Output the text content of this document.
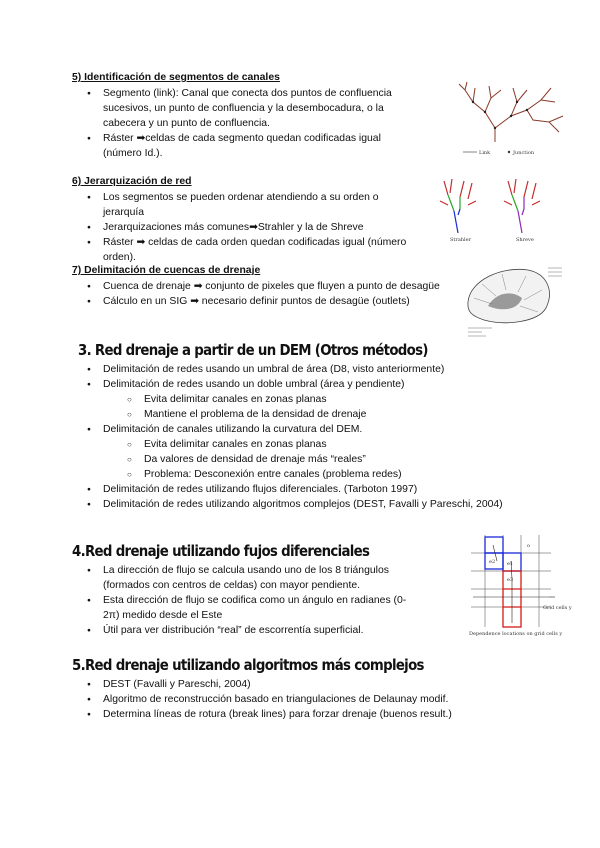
5) Identificación de segmentos de canales
● Segmento (link): Canal que conecta dos puntos de confluencia sucesivos, un punto de confluencia y la desembocadura, o la cabecera y un punto de confluencia.
● Ráster ➡celdas de cada segmento quedan codificadas igual (número Id.).	Link	Junction
6) Jerarquización de red
● Los segmentos se pueden ordenar atendiendo a su orden o jerarquía
● Jerarquizaciones más comunes➡Strahler y la de Shreve
● Ráster ➡ celdas de cada orden quedan codificadas igual (número orden).
Strahler	Shreve
7) Delimitación de cuencas de drenaje
● Cuenca de drenaje ➡ conjunto de pixeles que fluyen a punto de desagüe
● Cálculo en un SIG ➡ necesario definir puntos de desagüe (outlets)
3. Red drenaje a partir de un DEM (Otros métodos)
● Delimitación de redes usando un umbral de área (D8, visto anteriormente)
● Delimitación de redes usando un doble umbral (área y pendiente)
○ Evita delimitar canales en zonas planas
○ Mantiene el problema de la densidad de drenaje
● Delimitación de canales utilizando la curvatura del DEM.
○ Evita delimitar canales en zonas planas
○ Da valores de densidad de drenaje más “reales”
○ Problema: Desconexión entre canales (problema redes)
● Delimitación de redes utilizando flujos diferenciales. (Tarboton 1997)
● Delimitación de redes utilizando algoritmos complejos (DEST, Favalli y Pareschi, 2004)
4.Red drenaje utilizando fujos diferenciales
● La dirección de flujo se calcula usando uno de los 8 triángulos (formados con centros de celdas) con mayor pendiente.
● Esta dirección de flujo se codifica como un ángulo en radianes (0-2π) medido desde el Este
● Útil para ver distribución “real” de escorrentía superficial.
e1
e2
e3
o
Grid cells y
Dependence locations on grid cells y
5.Red drenaje utilizando algoritmos más complejos
● DEST (Favalli y Pareschi, 2004)
● Algoritmo de reconstrucción basado en triangulaciones de Delaunay modif.
● Determina líneas de rotura (break lines) para forzar drenaje (buenos result.)
